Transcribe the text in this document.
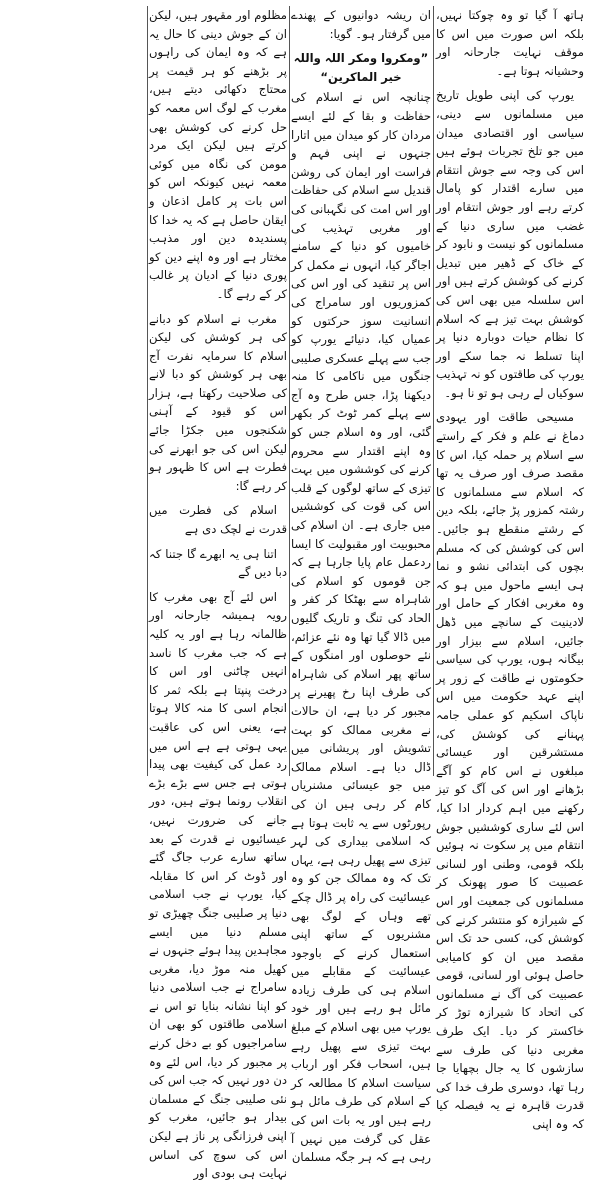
ہاتھ آ گیا تو وہ چوکتا نہیں، بلکہ اس صورت میں اس کا موقف نہایت جارحانہ اور وحشیانہ ہوتا ہے۔

یورپ کی اپنی طویل تاریخ میں مسلمانوں سے دینی، سیاسی اور اقتصادی میدان میں جو تلخ تجربات ہوئے ہیں اس کی وجہ سے جوش انتقام میں سارے اقتدار کو پامال کرتے رہے اور جوش انتقام اور غضب میں ساری دنیا کے مسلمانوں کو نیست و نابود کر کے خاک کے ڈھیر میں تبدیل کرنے کی کوشش کرتے ہیں اور اس سلسلہ میں بھی اس کی کوشش بہت تیز ہے کہ اسلام کا نظام حیات دوبارہ دنیا پر اپنا تسلط نہ جما سکے اور یورپ کی طاقتوں کو نہ تہذیب سوکیاں لے رہی ہو تو نا ہو۔

مسیحی طاقت اور یہودی دماغ نے علم و فکر کے راستے سے اسلام پر حملہ کیا، اس کا مقصد صرف اور صرف یہ تھا کہ اسلام سے مسلمانوں کا رشتہ کمزور پڑ جائے، بلکہ دین کے رشتے منقطع ہو جائیں۔ اس کی کوشش کی کہ مسلم بچوں کی ابتدائی نشو و نما ہی ایسے ماحول میں ہو کہ وہ مغربی افکار کے حامل اور لادینیت کے سانچے میں ڈھل جائیں، اسلام سے بیزار اور بیگانہ ہوں، یورپ کی سیاسی حکومتوں نے طاقت کے زور پر اپنے عہد حکومت میں اس ناپاک اسکیم کو عملی جامہ پہنانے کی کوشش کی، مستشرقین اور عیسائی مبلغوں نے اس کام کو آگے بڑھانے اور اس کی آگ کو تیز رکھنے میں اہم کردار ادا کیا، اس لئے ساری کوششیں جوش انتقام میں پر سکوت نہ ہوئیں بلکہ قومی، وطنی اور لسانی عصبیت کا صور پھونک کر مسلمانوں کی جمعیت اور اس کے شیرازہ کو منتشر کرنے کی کوشش کی، کسی حد تک اس مقصد میں ان کو کامیابی حاصل ہوئی اور لسانی، قومی عصبیت کی آگ نے مسلمانوں کی اتحاد کا شیرازہ توڑ کر خاکستر کر دیا۔ ایک طرف مغربی دنیا کی طرف سے سازشوں کا یہ جال بچھایا جا رہا تھا، دوسری طرف خدا کی قدرت قاہرہ نے یہ فیصلہ کیا کہ وہ اپنی

ان ریشہ دوانیوں کے پھندے میں گرفتار ہو۔ گویا:

”ومکروا ومکر اللہ واللہ خیر الماکرین“

چنانچہ اس نے اسلام کی حفاظت و بقا کے لئے ایسے مردان کار کو میدان میں اتارا جنہوں نے اپنی فہم و فراست اور ایمان کی روشن قندیل سے اسلام کی حفاظت اور اس امت کی نگہبانی کی اور مغربی تہذیب کی خامیوں کو دنیا کے سامنے اجاگر کیا، انہوں نے مکمل کر اس پر تنقید کی اور اس کی کمزوریوں اور سامراج کی انسانیت سوز حرکتوں کو عمیاں کیا، دنیائے یورپ کو جب سے پہلے عسکری صلیبی جنگوں میں ناکامی کا منہ دیکھنا پڑا، جس طرح وہ آج سے پہلے کمر ٹوٹ کر بکھر گئی، اور وہ اسلام جس کو وہ اپنے اقتدار سے محروم کرنے کی کوششوں میں بہت تیزی کے ساتھ لوگوں کے قلب اس کی قوت کی کوششیں میں جاری ہے۔ ان اسلام کی محبوبیت اور مقبولیت کا ایسا ردعمل عام پایا جارہا ہے کہ جن قوموں کو اسلام کی شاہراہ سے بھٹکا کر کفر و الحاد کی تنگ و تاریک گلیوں میں ڈالا گیا تھا وہ نئے عزائم، نئے حوصلوں اور امنگوں کے ساتھ پھر اسلام کی شاہراہ کی طرف اپنا رخ پھیرنے پر مجبور کر دیا ہے، ان حالات نے مغربی ممالک کو بہت تشویش اور پریشانی میں ڈال دیا ہے۔ اسلام ممالک میں جو عیسائی مشنریاں کام کر رہی ہیں ان کی رپورٹوں سے یہ ثابت ہوتا ہے کہ اسلامی بیداری کی لہر تیزی سے پھیل رہی ہے، یہاں تک کہ وہ ممالک جن کو وہ عیسائیت کی راہ پر ڈال چکے تھے وہاں کے لوگ بھی مشنریوں کے ساتھ اپنی استعمال کرنے کے باوجود عیسائیت کے مقابلے میں اسلام ہی کی طرف زیادہ مائل ہو رہے ہیں اور خود یورپ میں بھی اسلام کے مبلغ بہت تیزی سے پھیل رہے ہیں، اسحاب فکر اور ارباب سیاست اسلام کا مطالعہ کر کے اسلام کی طرف مائل ہو رہے ہیں اور یہ بات اس کی عقل کی گرفت میں نہیں آ رہی ہے کہ ہر جگہ مسلمان

مظلوم اور مقہور ہیں، لیکن ان کے جوش دینی کا حال یہ ہے کہ وہ ایمان کی راہوں پر بڑھنے کو ہر قیمت پر محتاج دکھائی دیتے ہیں، مغرب کے لوگ اس معمہ کو حل کرنے کی کوشش بھی کرتے ہیں لیکن ایک مرد مومن کی نگاہ میں کوئی معمہ نہیں کیونکہ اس کو اس بات پر کامل اذعان و ایقان حاصل ہے کہ یہ خدا کا پسندیدہ دین اور مذہب مختار ہے اور وہ اپنے دین کو پوری دنیا کے ادیان پر غالب کر کے رہے گا۔

مغرب نے اسلام کو دبانے کی ہر کوشش کی لیکن اسلام کا سرمایہ نفرت آج بھی ہر کوشش کو دبا لانے کی صلاحیت رکھتا ہے، ہزار اس کو قیود کے آہنی شکنجوں میں جکڑا جائے لیکن اس کی جو ابھرنے کی فطرت ہے اس کا ظہور ہو کر رہے گا:

اسلام کی فطرت میں قدرت نے لچک دی ہے

اتنا ہی یہ ابھرے گا جتنا کہ دبا دیں گے

اس لئے آج بھی مغرب کا رویہ ہمیشہ جارحانہ اور ظالمانہ رہا ہے اور یہ کلیہ ہے کہ جب مغرب کا ناسد انہیں چاٹنی اور اس کا درخت پنپتا ہے بلکہ ثمر کا انجام اسی کا منہ کالا ہوتا ہے، یعنی اس کی عاقبت یہی ہوتی ہے ہے اس میں رد عمل کی کیفیت بھی پیدا ہوتی ہے جس سے بڑے بڑے انقلاب رونما ہوتے ہیں، دور جانے کی ضرورت نہیں، عیسائیوں نے قدرت کے بعد ساتھ سارے عرب جاگ گئے اور ڈوٹ کر اس کا مقابلہ کیا، یورپ نے جب اسلامی دنیا پر صلیبی جنگ چھیڑی تو مسلم دنیا میں ایسے مجاہدین پیدا ہوئے جنہوں نے کھیل منہ موڑ دیا، مغربی سامراج نے جب اسلامی دنیا کو اپنا نشانہ بنایا تو اس نے اسلامی طاقتوں کو بھی ان سامراجیوں کو بے دخل کرنے پر مجبور کر دیا، اس لئے وہ دن دور نہیں کہ جب اس کی نئی صلیبی جنگ کے مسلمان بیدار ہو جائیں، مغرب کو اپنی فرزانگی پر ناز ہے لیکن اس کی سوچ کی اساس نہایت ہی بودی اور
